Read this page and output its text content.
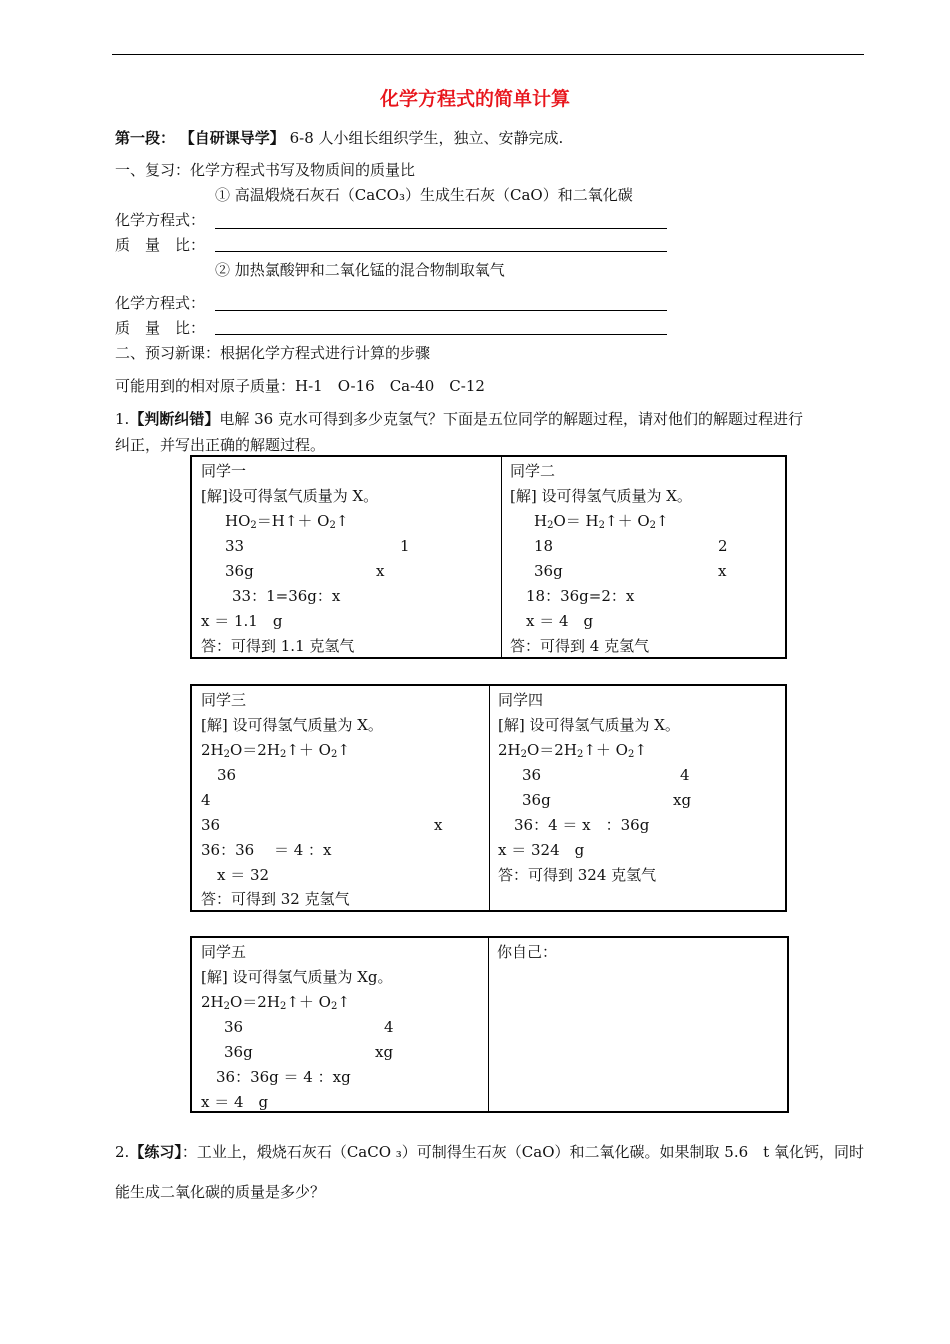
化学方程式的简单计算
第一段： 【自研课导学】 6-8 人小组长组织学生，独立、安静完成.
一、复习：化学方程式书写及物质间的质量比
① 高温煅烧石灰石（CaCO₃）生成生石灰（CaO）和二氧化碳
化学方程式：
质　量　比：
② 加热氯酸钾和二氧化锰的混合物制取氧气
化学方程式：
质　量　比：
二、预习新课：根据化学方程式进行计算的步骤
可能用到的相对原子质量：H-1　O-16　Ca-40　C-12
1.【判断纠错】电解 36 克水可得到多少克氢气？下面是五位同学的解题过程，请对他们的解题过程进行
纠正，并写出正确的解题过程。
同学一
[解]设可得氢气质量为 X。
$HO_2=H↑+$ $O_2↑$
33	1
36g	x
33：1=36g：x
x ＝ 1.1　g
答：可得到 1.1 克氢气
同学二
[解] 设可得氢气质量为 X。
$H_2O=$ $H_2↑+$ $O_2↑$
18	2
36g	x
18：36g=2：x
x ＝ 4　g
答：可得到 4 克氢气
同学三
[解] 设可得氢气质量为 X。
$2H_2O=2H_2↑+$ $O_2↑$
36
4
36	x
36：36　 ＝ 4 ：x
x ＝ 32
答：可得到 32 克氢气
同学四
[解] 设可得氢气质量为 X。
$2H_2O=2H_2↑+$ $O_2↑$
36	4
36g	xg
36：4 ＝ x　：36g
x ＝ 324　g
答：可得到 324 克氢气
同学五
[解] 设可得氢气质量为 Xg。
$2H_2O=2H_2↑+$ $O_2↑$
36	4
36g	xg
36：36g ＝ 4 ：xg
x ＝ 4　g
你自己：
2.【练习】：工业上，煅烧石灰石（CaCO ₃）可制得生石灰（CaO）和二氧化碳。如果制取 5.6　t 氧化钙，同时
能生成二氧化碳的质量是多少？
